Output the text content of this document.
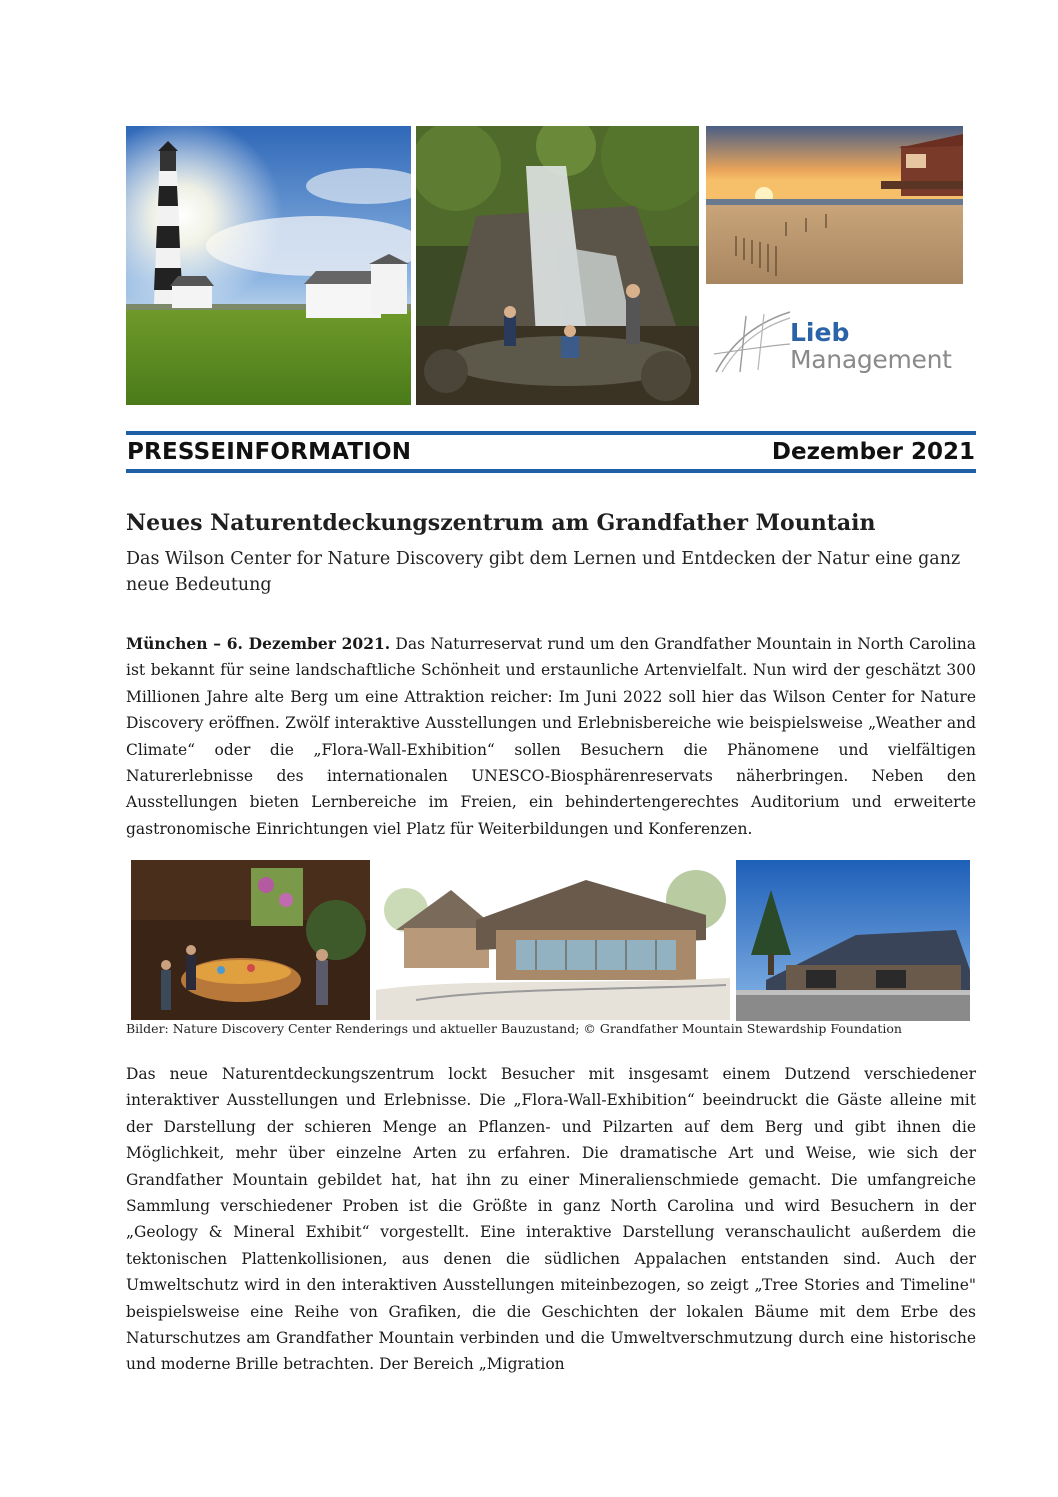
Lieb
Management
PRESSEINFORMATION	Dezember 2021
Neues Naturentdeckungszentrum am Grandfather Mountain
Das Wilson Center for Nature Discovery gibt dem Lernen und Entdecken der Natur eine ganz neue Bedeutung
München – 6. Dezember 2021. Das Naturreservat rund um den Grandfather Mountain in North Carolina ist bekannt für seine landschaftliche Schönheit und erstaunliche Artenvielfalt. Nun wird der geschätzt 300 Millionen Jahre alte Berg um eine Attraktion reicher: Im Juni 2022 soll hier das Wilson Center for Nature Discovery eröffnen. Zwölf interaktive Ausstellungen und Erlebnisbereiche wie beispielsweise „Weather and Climate“ oder die „Flora-Wall-Exhibition“ sollen Besuchern die Phänomene und vielfältigen Naturerlebnisse des internationalen UNESCO-Biosphärenreservats näherbringen. Neben den Ausstellungen bieten Lernbereiche im Freien, ein behindertengerechtes Auditorium und erweiterte gastronomische Einrichtungen viel Platz für Weiterbildungen und Konferenzen.
Bilder: Nature Discovery Center Renderings und aktueller Bauzustand; © Grandfather Mountain Stewardship Foundation
Das neue Naturentdeckungszentrum lockt Besucher mit insgesamt einem Dutzend verschiedener interaktiver Ausstellungen und Erlebnisse. Die „Flora-Wall-Exhibition“ beeindruckt die Gäste alleine mit der Darstellung der schieren Menge an Pflanzen- und Pilzarten auf dem Berg und gibt ihnen die Möglichkeit, mehr über einzelne Arten zu erfahren. Die dramatische Art und Weise, wie sich der Grandfather Mountain gebildet hat, hat ihn zu einer Mineralienschmiede gemacht. Die umfangreiche Sammlung verschiedener Proben ist die Größte in ganz North Carolina und wird Besuchern in der „Geology & Mineral Exhibit“ vorgestellt. Eine interaktive Darstellung veranschaulicht außerdem die tektonischen Plattenkollisionen, aus denen die südlichen Appalachen entstanden sind. Auch der Umweltschutz wird in den interaktiven Ausstellungen miteinbezogen, so zeigt „Tree Stories and Timeline" beispielsweise eine Reihe von Grafiken, die die Geschichten der lokalen Bäume mit dem Erbe des Naturschutzes am Grandfather Mountain verbinden und die Umweltverschmutzung durch eine historische und moderne Brille betrachten. Der Bereich „Migration
